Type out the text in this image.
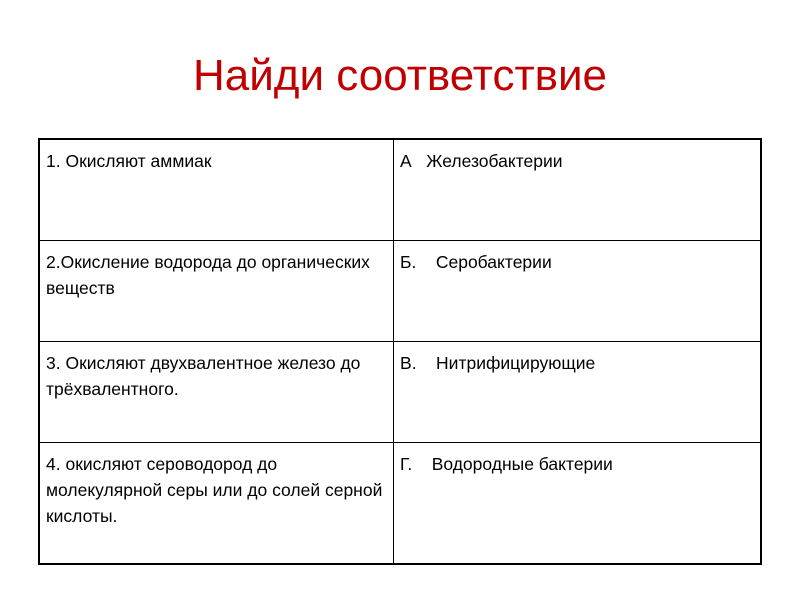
Найди соответствие
1. Окисляют аммиак	А   Железобактерии
2.Окисление водорода до органических веществ	Б.    Серобактерии
3. Окисляют двухвалентное железо до трёхвалентного.	В.    Нитрифицирующие
4. окисляют сероводород до молекулярной серы или до солей серной кислоты.	Г.    Водородные бактерии
